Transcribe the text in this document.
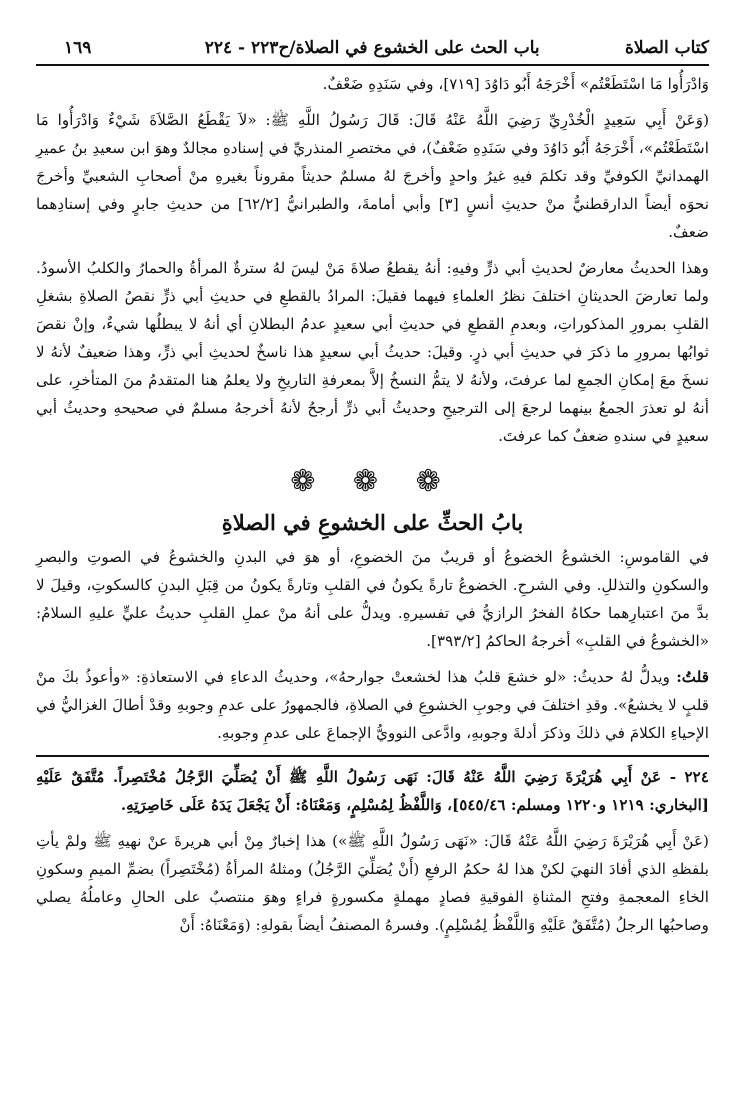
كتاب الصلاة
باب الحث على الخشوع في الصلاة/ح٢٢٣ - ٢٢٤
١٦٩

وَادْرَأُوا مَا اسْتَطَعْتُم» أَخْرَجَهُ أَبُو دَاوُدَ [٧١٩]، وفي سَنَدِهِ ضَعْفٌ.

(وَعَنْ أَبِي سَعِيدٍ الْخُدْرِيِّ رَضِيَ اللَّهُ عَنْهُ قَالَ: قَالَ رَسُولُ اللَّهِ ﷺ: «لاَ يَقْطَعُ الصَّلاَةَ شَيْءٌ وَادْرَأُوا مَا اسْتَطَعْتُم»، أَخْرَجَهُ أَبُو دَاوُدَ وفي سَنَدِهِ ضَعْفٌ)، في مختصرِ المنذريِّ في إسنادهِ مجالدٌ وهوَ ابن سعيدِ بنُ عميرِ الهمدانيِّ الكوفيِّ وقد تكلمَ فيهِ غيرُ واحدٍ وأخرجَ لهُ مسلمٌ حديثاً مقروناً بغيرهِ منْ أصحابِ الشعبيِّ وأخرجَ نحوَه أيضاً الدارقطنيُّ منْ حديثِ أنسٍ [٣] وأبي أمامةَ، والطبرانيُّ [٦٢/٢] من حديثِ جابرٍ وفي إسنادِهما ضعفٌ.

وهذا الحديثُ معارضٌ لحديثِ أبي ذرٍّ وفيهِ: أنهُ يقطعُ صلاةَ مَنْ ليسَ لهُ سترةٌ المرأةُ والحمارُ والكلبُ الأسودُ. ولما تعارضَ الحديثانِ اختلفَ نظرُ العلماءِ فيهما فقيلَ: المرادُ بالقطعِ في حديثِ أبي ذرٍّ نقصُ الصلاةِ بشغلِ القلبِ بمرورِ المذكوراتِ، وبعدمِ القطعِ في حديثِ أبي سعيدٍ عدمُ البطلانِ أي أنهُ لا يبطلُها شيءٌ، وإنْ نقصَ ثوابُها بمرورِ ما ذكرَ في حديثِ أبي ذرٍ. وقيلَ: حديثُ أبي سعيدٍ هذا ناسخٌ لحديثِ أبي ذرٍّ، وهذا ضعيفٌ لأنهُ لا نسخَ معَ إمكانِ الجمعِ لما عرفتَ، ولأنهُ لا يتمُّ النسخُ إلاَّ بمعرفةِ التاريخِ ولا يعلمُ هنا المتقدمُ منَ المتأخرِ، على أنهُ لو تعذرَ الجمعُ بينهما لرجعَ إلى الترجيحِ وحديثُ أبي ذرٍّ أرجحُ لأنهُ أخرجهُ مسلمٌ في صحيحهِ وحديثُ أبي سعيدٍ في سندهِ ضعفٌ كما عرفتَ.

❁ ❁ ❁
بابُ الحثِّ على الخشوعِ في الصلاةِ

في القاموسِ: الخشوعُ الخضوعُ أو قريبٌ منَ الخضوعِ، أو هوَ في البدنِ والخشوعُ في الصوتِ والبصرِ والسكونِ والتذللِ. وفي الشرحِ. الخضوعُ تارةً يكونُ في القلبِ وتارةً يكونُ من قِبَلِ البدنِ كالسكوتِ، وقيلَ لا بدَّ منَ اعتبارِهما حكاهُ الفخرُ الرازيُّ في تفسيرهِ. ويدلُّ على أنهُ منْ عملِ القلبِ حديثُ عليٍّ عليهِ السلامُ: «الخشوعُ في القلبِ» أخرجهُ الحاكمُ [٣٩٣/٢].

قلتُ: ويدلُّ لهُ حديثُ: «لو خشعَ قلبُ هذا لخشعتْ جوارحهُ»، وحديثُ الدعاءِ في الاستعاذةِ: «وأعوذُ بكَ منْ قلبٍ لا يخشعُ». وقدِ اختلفَ في وجوبِ الخشوعِ في الصلاةِ، فالجمهورُ على عدمِ وجوبهِ وقدْ أطالَ الغزاليُّ في الإحياءِ الكلامَ في ذلكَ وذكرَ أدلةَ وجوبهِ، وادَّعى النوويُّ الإجماعَ على عدمِ وجوبهِ.

٢٢٤ - عَنْ أَبِي هُرَيْرَةَ رَضِيَ اللَّهُ عَنْهُ قَالَ: نَهَى رَسُولُ اللَّهِ ﷺ أَنْ يُصَلِّيَ الرَّجُلُ مُخْتَصِراً. مُتَّفَقٌ عَلَيْهِ [البخاري: ١٢١٩ و١٢٢٠ ومسلم: ٥٤٥/٤٦]، وَاللَّفْظُ لِمُسْلِمٍ، وَمَعْنَاهُ: أَنْ يَجْعَلَ يَدَهُ عَلَى خَاصِرَتِهِ.

(عَنْ أَبِي هُرَيْرَةَ رَضِيَ اللَّهُ عَنْهُ قَالَ: «نَهَى رَسُولُ اللَّهِ ﷺ») هذا إخبارٌ مِنْ أبي هريرةَ عنْ نهيهِ ﷺ ولمْ يأتِ بلفظهِ الذي أفادَ النهيَ لكنْ هذا لهُ حكمُ الرفعِ (أَنْ يُصَلِّيَ الرَّجُلُ) ومثلهُ المرأةُ (مُخْتَصِراً) بضمِّ الميمِ وسكونِ الخاءِ المعجمةِ وفتحِ المثناةِ الفوقيةِ فصادٍ مهملةٍ مكسورةٍ فراءٍ وهوَ منتصبٌ على الحالِ وعاملُهُ يصلي وصاحبُها الرجلُ (مُتَّفَقٌ عَلَيْهِ وَاللَّفْظُ لِمُسْلِمٍ). وفسرهُ المصنفُ أيضاً بقولهِ: (وَمَعْنَاهُ: أَنْ
